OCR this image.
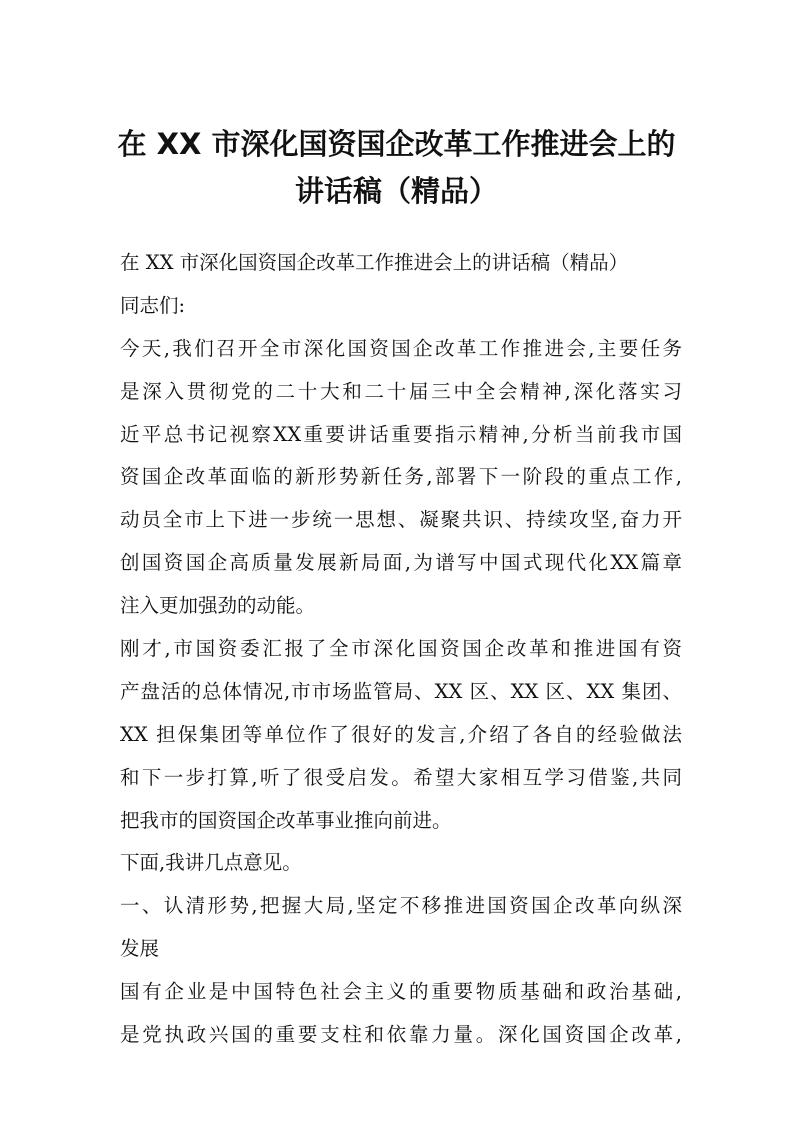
在 XX 市深化国资国企改革工作推进会上的
讲话稿（精品）
在 XX 市深化国资国企改革工作推进会上的讲话稿（精品）
同志们:
今天,我们召开全市深化国资国企改革工作推进会,主要任务
是深入贯彻党的二十大和二十届三中全会精神,深化落实习
近平总书记视察XX重要讲话重要指示精神,分析当前我市国
资国企改革面临的新形势新任务,部署下一阶段的重点工作,
动员全市上下进一步统一思想、凝聚共识、持续攻坚,奋力开
创国资国企高质量发展新局面,为谱写中国式现代化XX篇章
注入更加强劲的动能。
刚才,市国资委汇报了全市深化国资国企改革和推进国有资
产盘活的总体情况,市市场监管局、XX 区、XX 区、XX 集团、
XX 担保集团等单位作了很好的发言,介绍了各自的经验做法
和下一步打算,听了很受启发。希望大家相互学习借鉴,共同
把我市的国资国企改革事业推向前进。
下面,我讲几点意见。
一、认清形势,把握大局,坚定不移推进国资国企改革向纵深
发展
国有企业是中国特色社会主义的重要物质基础和政治基础,
是党执政兴国的重要支柱和依靠力量。深化国资国企改革,
